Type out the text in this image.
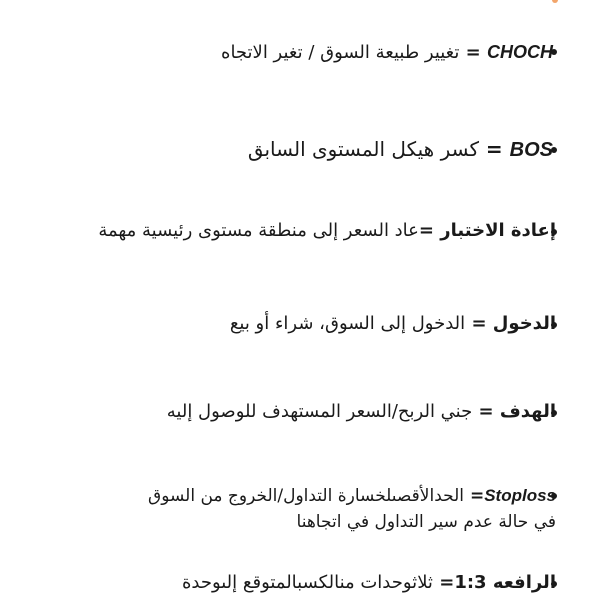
CHOCH = تغيير طبيعة السوق / تغير الاتجاه
BOS = كسر هيكل المستوى السابق
إعادة الاختبار =عاد السعر إلى منطقة مستوى رئيسية مهمة
الدخول = الدخول إلى السوق، شراء أو بيع
الهدف = جني الربح/السعر المستهدف للوصول إليه
Stoploss= الحدالأقصىلخسارة التداول/الخروج من السوق
في حالة عدم سير التداول في اتجاهنا
الرافعه 1:3= ثلاثوحدات منالكسبالمتوقع إلىوحدة
